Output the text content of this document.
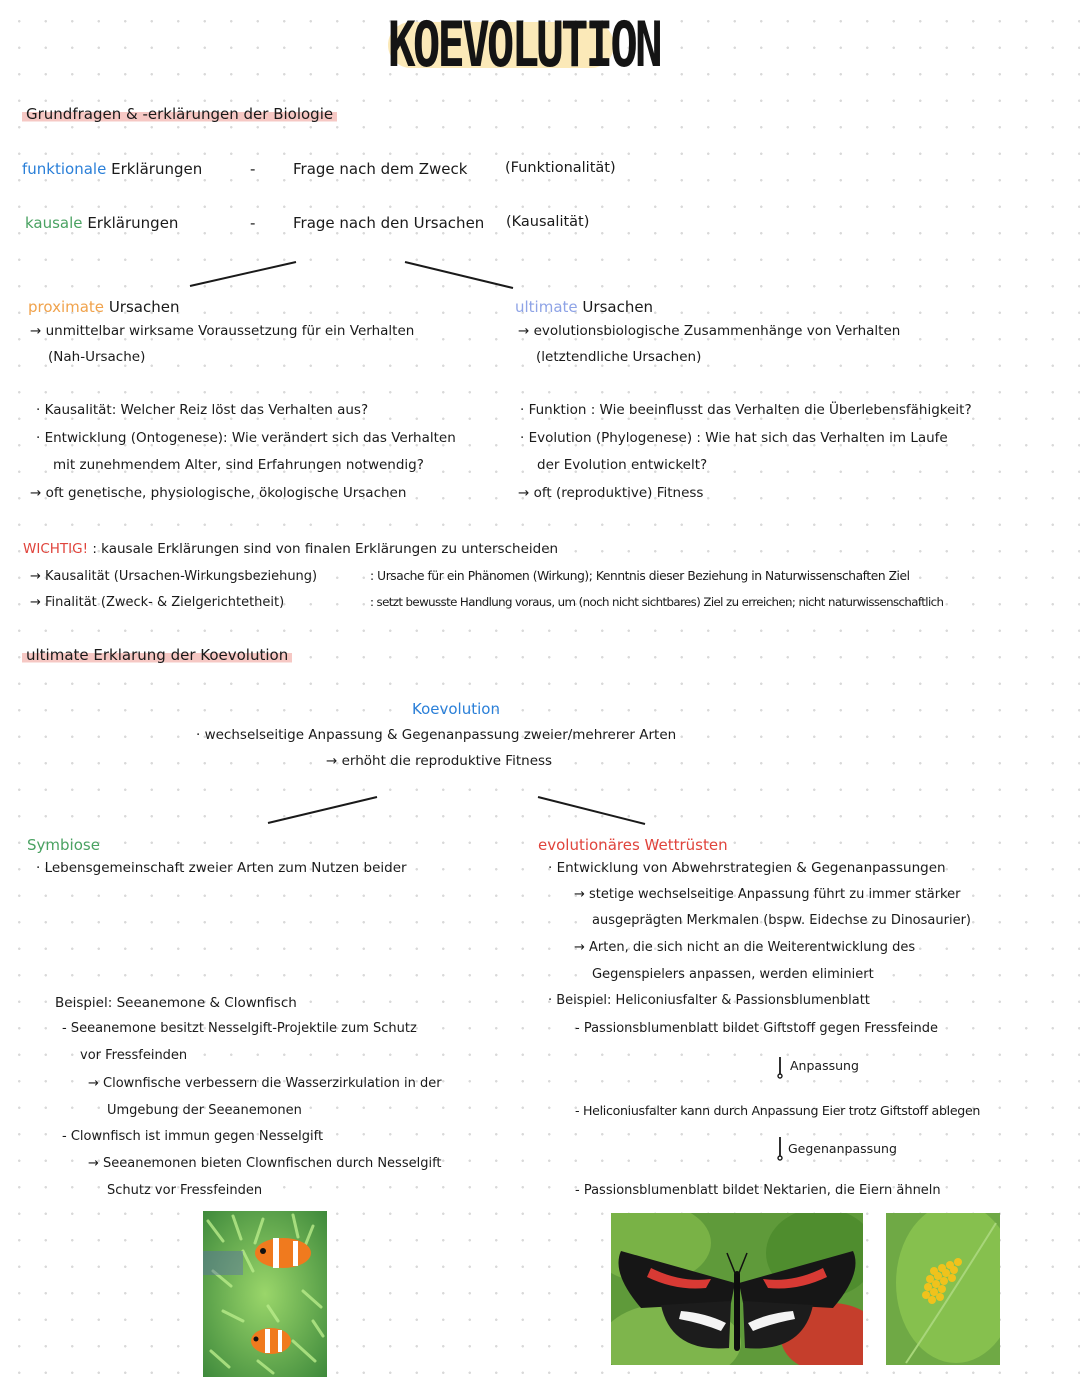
KOEVOLUTION
Grundfragen & -erklärungen der Biologie
funktionale Erklärungen	-	Frage nach dem Zweck	(Funktionalität)
kausale Erklärungen	-	Frage nach den Ursachen (Kausalität)
proximate Ursachen
→ unmittelbar wirksame Voraussetzung für ein Verhalten
(Nah-Ursache)
· Kausalität: Welcher Reiz löst das Verhalten aus?
· Entwicklung (Ontogenese): Wie verändert sich das Verhalten
mit zunehmendem Alter, sind Erfahrungen notwendig?
→ oft genetische, physiologische, ökologische Ursachen
ultimate Ursachen
→ evolutionsbiologische Zusammenhänge von Verhalten
(letztendliche Ursachen)
· Funktion : Wie beeinflusst das Verhalten die Überlebensfähigkeit?
· Evolution (Phylogenese) : Wie hat sich das Verhalten im Laufe
der Evolution entwickelt?
→ oft (reproduktive) Fitness
WICHTIG! : kausale Erklärungen sind von finalen Erklärungen zu unterscheiden
→ Kausalität (Ursachen-Wirkungsbeziehung)	: Ursache für ein Phänomen (Wirkung); Kenntnis dieser Beziehung in Naturwissenschaften Ziel
→ Finalität (Zweck- & Zielgerichtetheit)	: setzt bewusste Handlung voraus, um (noch nicht sichtbares) Ziel zu erreichen; nicht naturwissenschaftlich
ultimate Erklarung der Koevolution
Koevolution
· wechselseitige Anpassung & Gegenanpassung zweier/mehrerer Arten
→ erhöht die reproduktive Fitness
Symbiose
· Lebensgemeinschaft zweier Arten zum Nutzen beider
Beispiel: Seeanemone & Clownfisch
- Seeanemone besitzt Nesselgift-Projektile zum Schutz
vor Fressfeinden
→ Clownfische verbessern die Wasserzirkulation in der
Umgebung der Seeanemonen
- Clownfisch ist immun gegen Nesselgift
→ Seeanemonen bieten Clownfischen durch Nesselgift
Schutz vor Fressfeinden
evolutionäres Wettrüsten
· Entwicklung von Abwehrstrategien & Gegenanpassungen
→ stetige wechselseitige Anpassung führt zu immer stärker
ausgeprägten Merkmalen (bspw. Eidechse zu Dinosaurier)
→ Arten, die sich nicht an die Weiterentwicklung des
Gegenspielers anpassen, werden eliminiert
· Beispiel: Heliconiusfalter & Passionsblumenblatt
- Passionsblumenblatt bildet Giftstoff gegen Fressfeinde
Anpassung
- Heliconiusfalter kann durch Anpassung Eier trotz Giftstoff ablegen
Gegenanpassung
- Passionsblumenblatt bildet Nektarien, die Eiern ähneln
